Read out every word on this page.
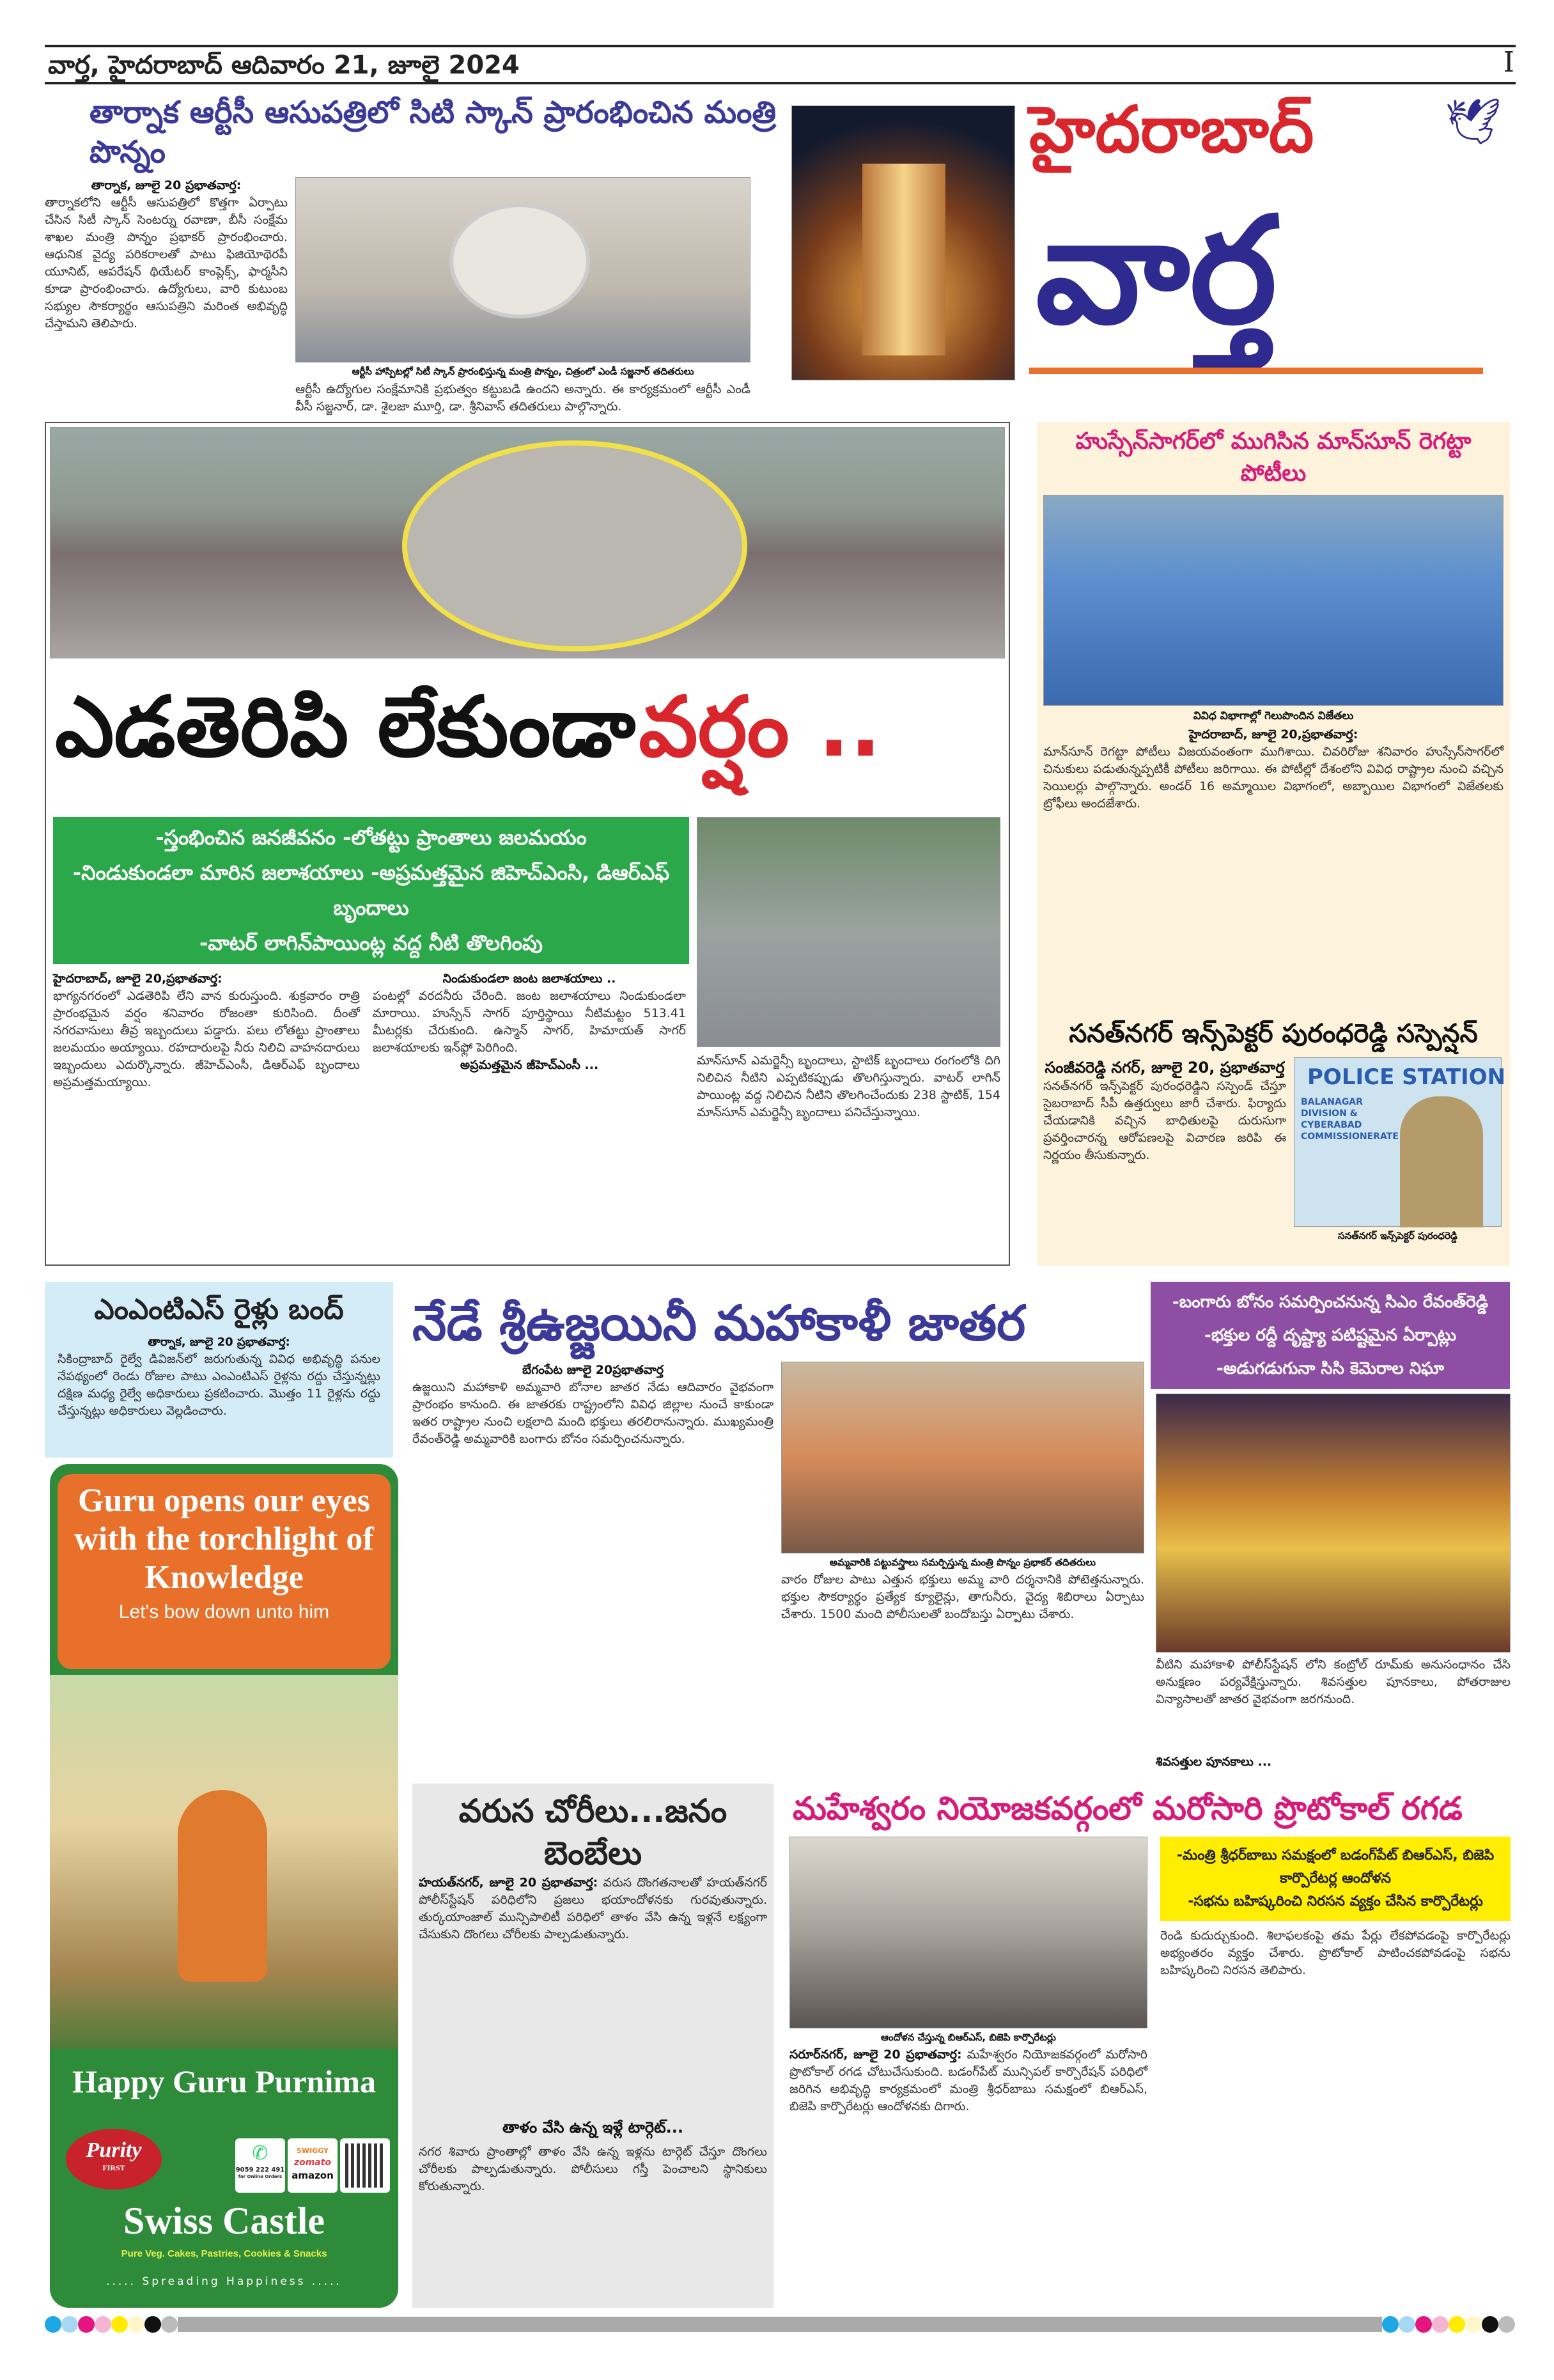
వార్త, హైదరాబాద్ ఆదివారం 21, జూలై 2024	I
తార్నాక ఆర్టీసీ ఆసుపత్రిలో సిటి స్కాన్ ప్రారంభించిన మంత్రి పొన్నం
తార్నాక, జూలై 20 ప్రభాతవార్త:
తార్నాకలోని ఆర్టీసీ ఆసుపత్రిలో కొత్తగా ఏర్పాటు చేసిన సిటీ స్కాన్ సెంటర్ను రవాణా, బీసీ సంక్షేమ శాఖల మంత్రి పొన్నం ప్రభాకర్ ప్రారంభించారు. ఆధునిక వైద్య పరికరాలతో పాటు ఫిజియోథెరపీ యూనిట్, ఆపరేషన్ థియేటర్ కాంప్లెక్స్, ఫార్మసీని కూడా ప్రారంభించారు. ఉద్యోగులు, వారి కుటుంబ సభ్యుల సౌకర్యార్థం ఆసుపత్రిని మరింత అభివృద్ధి చేస్తామని తెలిపారు.
ఆర్టీసీ హాస్పిటల్లో సిటీ స్కాన్ ప్రారంభిస్తున్న మంత్రి పొన్నం, చిత్రంలో ఎండీ సజ్జనార్ తదితరులు
ఆర్టీసీ ఉద్యోగుల సంక్షేమానికి ప్రభుత్వం కట్టుబడి ఉందని అన్నారు. ఈ కార్యక్రమంలో ఆర్టీసీ ఎండీ వీసీ సజ్జనార్, డా. శైలజా మూర్తి, డా. శ్రీనివాస్ తదితరులు పాల్గొన్నారు.
హైదరాబాద్
వార్త
🕊
ఎడతెరిపి లేకుండా వర్షం ..
-స్తంభించిన జనజీవనం -లోతట్టు ప్రాంతాలు జలమయం
-నిండుకుండలా మారిన జలాశయాలు -అప్రమత్తమైన జిహెచ్ఎంసి, డిఆర్ఎఫ్ బృందాలు
-వాటర్ లాగిన్‌పాయింట్ల వద్ద నీటి తొలగింపు
హైదరాబాద్, జూలై 20,ప్రభాతవార్త:
భాగ్యనగరంలో ఎడతెరిపి లేని వాన కురుస్తుంది. శుక్రవారం రాత్రి ప్రారంభమైన వర్షం శనివారం రోజంతా కురిసింది. దీంతో నగరవాసులు తీవ్ర ఇబ్బందులు పడ్డారు. పలు లోతట్టు ప్రాంతాలు జలమయం అయ్యాయి. రహదారులపై నీరు నిలిచి వాహనదారులు ఇబ్బందులు ఎదుర్కొన్నారు. జీహెచ్ఎంసీ, డిఆర్ఎఫ్ బృందాలు అప్రమత్తమయ్యాయి.
నిండుకుండలా జంట జలాశయాలు ..
పంటల్లో వరదనీరు చేరింది. జంట జలాశయాలు నిండుకుండలా మారాయి. హుస్సేన్ సాగర్ పూర్తిస్థాయి నీటిమట్టం 513.41 మీటర్లకు చేరుకుంది. ఉస్మాన్ సాగర్, హిమాయత్ సాగర్ జలాశయాలకు ఇన్‌ఫ్లో పెరిగింది.
అప్రమత్తమైన జీహెచ్ఎంసీ ...	మాన్‌సూన్ ఎమర్జెన్సీ బృందాలు, స్టాటిక్ బృందాలు రంగంలోకి దిగి నిలిచిన నీటిని ఎప్పటికప్పుడు తొలగిస్తున్నారు. వాటర్ లాగిన్ పాయింట్ల వద్ద నిలిచిన నీటిని తొలగించేందుకు 238 స్టాటిక్, 154 మాన్‌సూన్ ఎమర్జెన్సీ బృందాలు పనిచేస్తున్నాయి.
హుస్సేన్‌సాగర్‌లో ముగిసిన మాన్‌సూన్ రెగట్టా పోటీలు
వివిధ విభాగాల్లో గెలుపొందిన విజేతలు
హైదరాబాద్, జూలై 20,ప్రభాతవార్త:
మాన్‌సూన్ రెగట్టా పోటీలు విజయవంతంగా ముగిశాయి. చివరిరోజు శనివారం హుస్సేన్‌సాగర్‌లో చినుకులు పడుతున్నప్పటికీ పోటీలు జరిగాయి. ఈ పోటీల్లో దేశంలోని వివిధ రాష్ట్రాల నుంచి వచ్చిన సెయిలర్లు పాల్గొన్నారు. అండర్ 16 అమ్మాయిల విభాగంలో, అబ్బాయిల విభాగంలో విజేతలకు ట్రోఫీలు అందజేశారు.
సనత్‌నగర్ ఇన్స్‌పెక్టర్ పురంధరెడ్డి సస్పెన్షన్
సంజీవరెడ్డి నగర్, జూలై 20, ప్రభాతవార్త
సనత్‌నగర్ ఇన్స్‌పెక్టర్ పురంధరెడ్డిని సస్పెండ్ చేస్తూ సైబరాబాద్ సీపీ ఉత్తర్వులు జారీ చేశారు. ఫిర్యాదు చేయడానికి వచ్చిన బాధితులపై దురుసుగా ప్రవర్తించారన్న ఆరోపణలపై విచారణ జరిపి ఈ నిర్ణయం తీసుకున్నారు.
POLICE STATION
BALANAGAR DIVISION & CYBERABAD COMMISSIONERATE
సనత్‌నగర్ ఇన్స్‌పెక్టర్ పురంధరెడ్డి
ఎంఎంటిఎస్ రైళ్లు బంద్
తార్నాక, జూలై 20 ప్రభాతవార్త:
సికింద్రాబాద్ రైల్వే డివిజన్‌లో జరుగుతున్న వివిధ అభివృద్ధి పనుల నేపథ్యంలో రెండు రోజుల పాటు ఎంఎంటిఎస్ రైళ్లను రద్దు చేస్తున్నట్లు దక్షిణ మధ్య రైల్వే అధికారులు ప్రకటించారు. మొత్తం 11 రైళ్లను రద్దు చేస్తున్నట్లు అధికారులు వెల్లడించారు.
Guru opens our eyes with the torchlight of Knowledge
Let's bow down unto him
Happy Guru Purnima
Purity
FIRST
✆
9059 222 491
for Online Orders
SWIGGY
zomato
amazon
Swiss Castle
Pure Veg. Cakes, Pastries, Cookies & Snacks
..... Spreading Happiness .....
నేడే శ్రీఉజ్జయినీ మహాకాళీ జాతర
బేగంపేట జూలై 20ప్రభాతవార్త
ఉజ్జయిని మహాకాళి అమ్మవారి బోనాల జాతర నేడు ఆదివారం వైభవంగా ప్రారంభం కానుంది. ఈ జాతరకు రాష్ట్రంలోని వివిధ జిల్లాల నుంచే కాకుండా ఇతర రాష్ట్రాల నుంచి లక్షలాది మంది భక్తులు తరలిరానున్నారు. ముఖ్యమంత్రి రేవంత్‌రెడ్డి అమ్మవారికి బంగారు బోనం సమర్పించనున్నారు.
అమ్మవారికి పట్టువస్త్రాలు సమర్పిస్తున్న మంత్రి పొన్నం ప్రభాకర్ తదితరులు
వారం రోజుల పాటు ఎత్తున భక్తులు అమ్మ వారి దర్శనానికి పోటెత్తనున్నారు. భక్తుల సౌకర్యార్థం ప్రత్యేక క్యూలైన్లు, తాగునీరు, వైద్య శిబిరాలు ఏర్పాటు చేశారు. 1500 మంది పోలీసులతో బందోబస్తు ఏర్పాటు చేశారు.
-బంగారు బోనం సమర్పించనున్న సిఎం రేవంత్‌రెడ్డి
-భక్తుల రద్దీ దృష్ట్యా పటిష్టమైన ఏర్పాట్లు
-అడుగడుగునా సిసి కెమెరాల నిఘా
వీటిని మహాకాళి పోలీస్‌స్టేషన్ లోని కంట్రోల్ రూమ్‌కు అనుసంధానం చేసి అనుక్షణం పర్యవేక్షిస్తున్నారు. శివసత్తుల పూనకాలు, పోతరాజుల విన్యాసాలతో జాతర వైభవంగా జరగనుంది.
శివసత్తుల పూనకాలు ...
వరుస చోరీలు...జనం బెంబేలు
హయత్‌నగర్, జూలై 20 ప్రభాతవార్త: వరుస దొంగతనాలతో హయత్‌నగర్ పోలీస్‌స్టేషన్ పరిధిలోని ప్రజలు భయాందోళనకు గురవుతున్నారు. తుర్కయాంజాల్ మున్సిపాలిటీ పరిధిలో తాళం వేసి ఉన్న ఇళ్లనే లక్ష్యంగా చేసుకుని దొంగలు చోరీలకు పాల్పడుతున్నారు.
తాళం వేసి ఉన్న ఇళ్లే టార్గెట్...
నగర శివారు ప్రాంతాల్లో తాళం వేసి ఉన్న ఇళ్లను టార్గెట్ చేస్తూ దొంగలు చోరీలకు పాల్పడుతున్నారు. పోలీసులు గస్తీ పెంచాలని స్థానికులు కోరుతున్నారు.
మహేశ్వరం నియోజకవర్గంలో మరోసారి ప్రొటోకాల్ రగడ
ఆందోళన చేస్తున్న బిఆర్ఎస్, బిజెపి కార్పొరేటర్లు
సరూర్‌నగర్, జూలై 20 ప్రభాతవార్త: మహేశ్వరం నియోజకవర్గంలో మరోసారి ప్రొటోకాల్ రగడ చోటుచేసుకుంది. బడంగ్‌పేట్ మున్సిపల్ కార్పొరేషన్ పరిధిలో జరిగిన అభివృద్ధి కార్యక్రమంలో మంత్రి శ్రీధర్‌బాబు సమక్షంలో బిఆర్ఎస్, బిజెపి కార్పొరేటర్లు ఆందోళనకు దిగారు.
-మంత్రి శ్రీధర్‌బాబు సమక్షంలో బడంగ్‌పేట్ బిఆర్ఎస్, బిజెపి కార్పొరేటర్ల ఆందోళన
-సభను బహిష్కరించి నిరసన వ్యక్తం చేసిన కార్పొరేటర్లు
రెండి కుదుర్చుకుంది. శిలాఫలకంపై తమ పేర్లు లేకపోవడంపై కార్పొరేటర్లు అభ్యంతరం వ్యక్తం చేశారు. ప్రొటోకాల్ పాటించకపోవడంపై సభను బహిష్కరించి నిరసన తెలిపారు.
